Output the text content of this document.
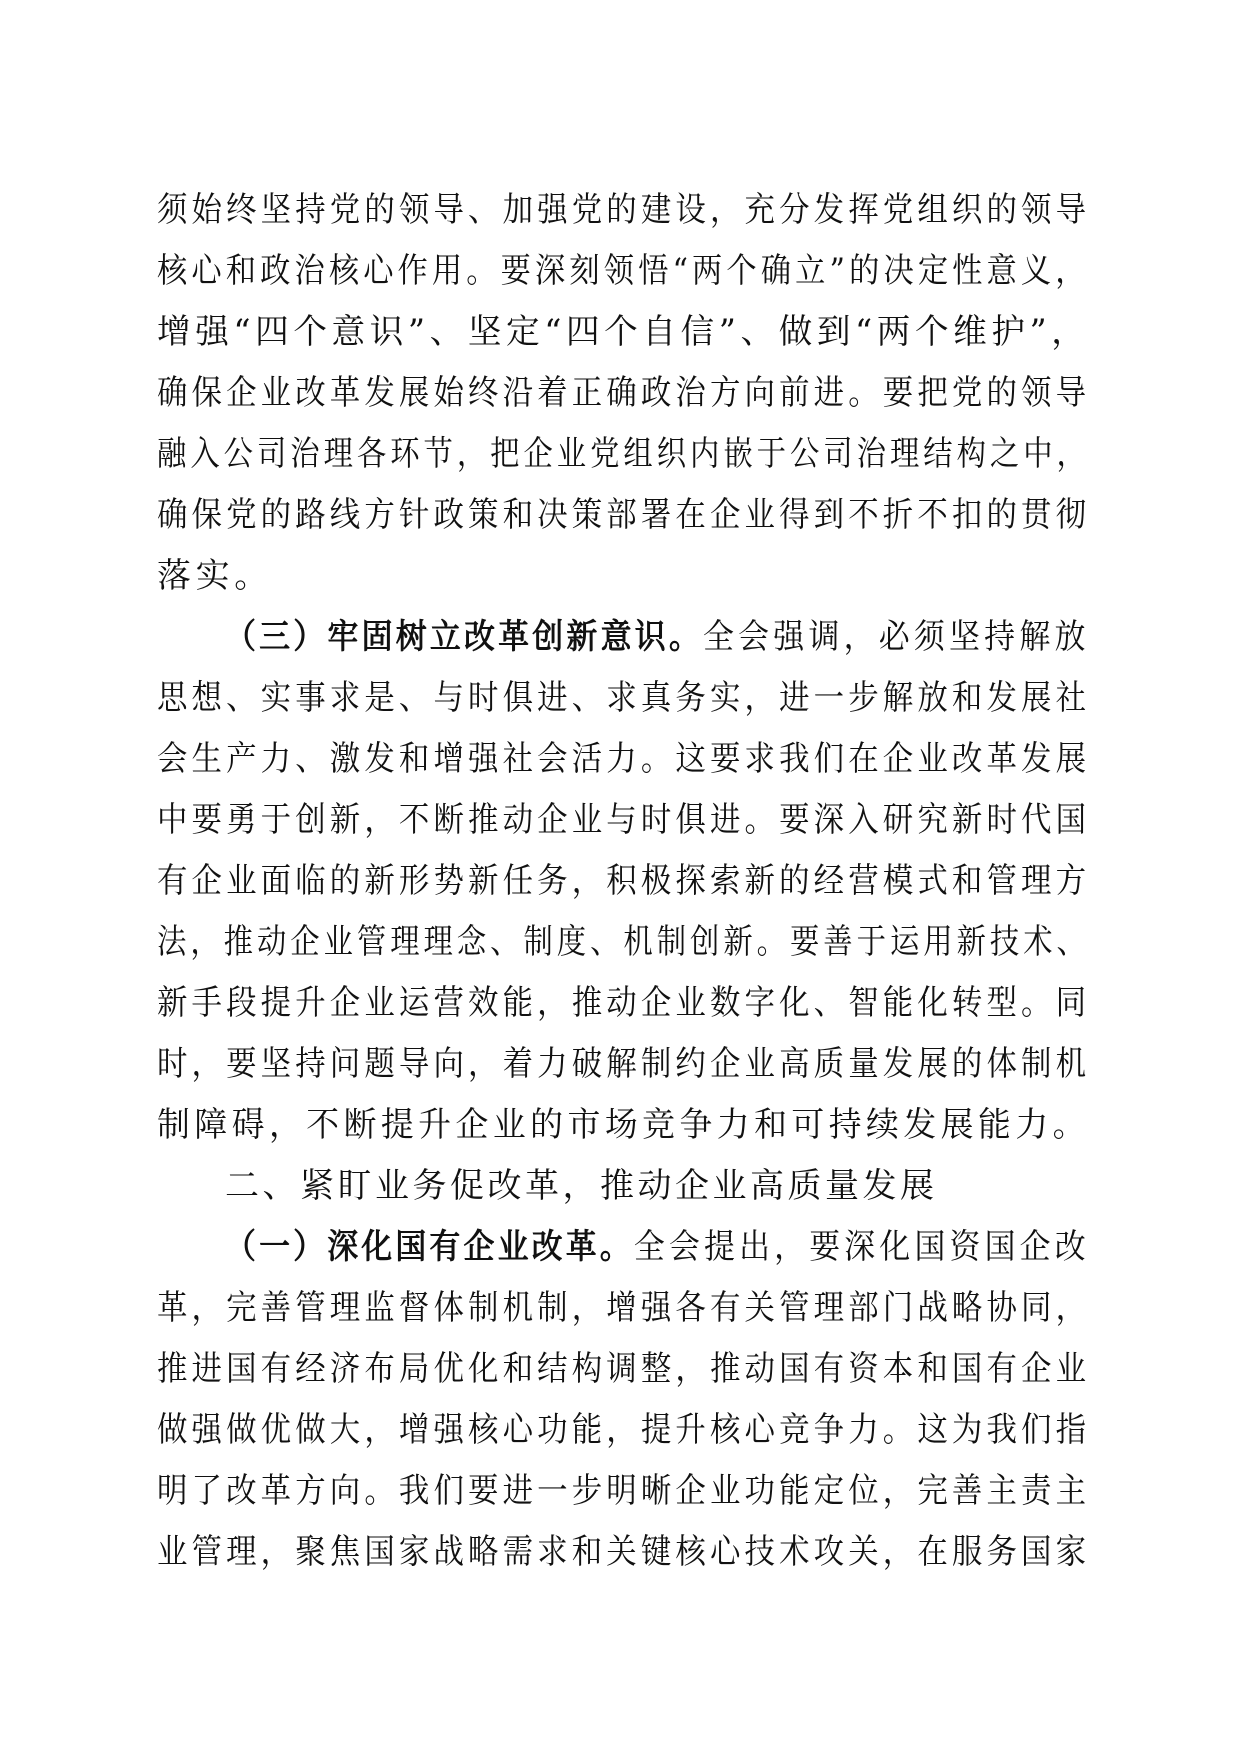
须始终坚持党的领导、加强党的建设，充分发挥党组织的领导
核心和政治核心作用。要深刻领悟“两个确立”的决定性意义，
增强“四个意识”、坚定“四个自信”、做到“两个维护”，
确保企业改革发展始终沿着正确政治方向前进。要把党的领导
融入公司治理各环节，把企业党组织内嵌于公司治理结构之中，
确保党的路线方针政策和决策部署在企业得到不折不扣的贯彻
落实。
（三）牢固树立改革创新意识。全会强调，必须坚持解放
思想、实事求是、与时俱进、求真务实，进一步解放和发展社
会生产力、激发和增强社会活力。这要求我们在企业改革发展
中要勇于创新，不断推动企业与时俱进。要深入研究新时代国
有企业面临的新形势新任务，积极探索新的经营模式和管理方
法，推动企业管理理念、制度、机制创新。要善于运用新技术、
新手段提升企业运营效能，推动企业数字化、智能化转型。同
时，要坚持问题导向，着力破解制约企业高质量发展的体制机
制障碍，不断提升企业的市场竞争力和可持续发展能力。
二、紧盯业务促改革，推动企业高质量发展
（一）深化国有企业改革。全会提出，要深化国资国企改
革，完善管理监督体制机制，增强各有关管理部门战略协同，
推进国有经济布局优化和结构调整，推动国有资本和国有企业
做强做优做大，增强核心功能，提升核心竞争力。这为我们指
明了改革方向。我们要进一步明晰企业功能定位，完善主责主
业管理，聚焦国家战略需求和关键核心技术攻关，在服务国家
